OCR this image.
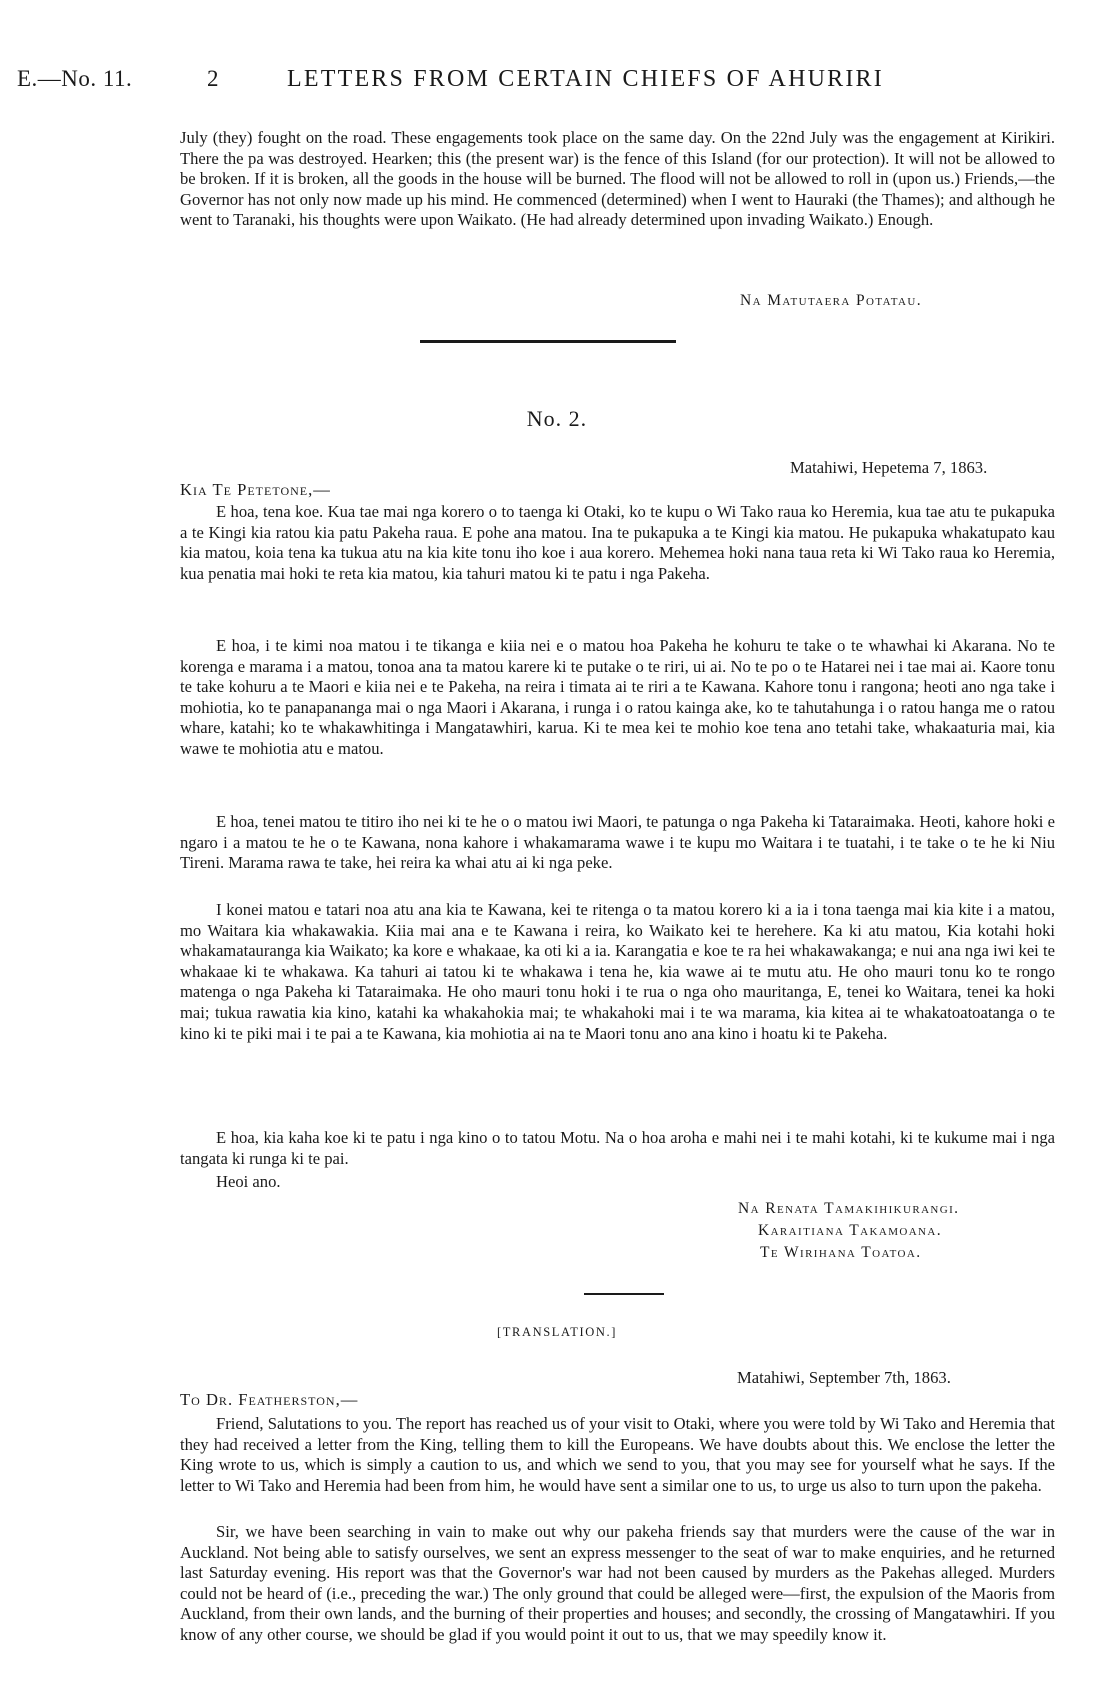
E.—No. 11.	2	LETTERS FROM CERTAIN CHIEFS OF AHURIRI

July (they) fought on the road. These engagements took place on the same day. On the 22nd July was the engagement at Kirikiri. There the pa was destroyed. Hearken; this (the present war) is the fence of this Island (for our protection). It will not be allowed to be broken. If it is broken, all the goods in the house will be burned. The flood will not be allowed to roll in (upon us.) Friends,—the Governor has not only now made up his mind. He commenced (determined) when I went to Hauraki (the Thames); and although he went to Taranaki, his thoughts were upon Waikato. (He had already determined upon invading Waikato.) Enough.

Na Matutaera Potatau.
No. 2.
Matahiwi, Hepetema 7, 1863.
Kia Te Petetone,—

E hoa, tena koe. Kua tae mai nga korero o to taenga ki Otaki, ko te kupu o Wi Tako raua ko Heremia, kua tae atu te pukapuka a te Kingi kia ratou kia patu Pakeha raua. E pohe ana matou. Ina te pukapuka a te Kingi kia matou. He pukapuka whakatupato kau kia matou, koia tena ka tukua atu na kia kite tonu iho koe i aua korero. Mehemea hoki nana taua reta ki Wi Tako raua ko Heremia, kua penatia mai hoki te reta kia matou, kia tahuri matou ki te patu i nga Pakeha.

E hoa, i te kimi noa matou i te tikanga e kiia nei e o matou hoa Pakeha he kohuru te take o te whawhai ki Akarana. No te korenga e marama i a matou, tonoa ana ta matou karere ki te putake o te riri, ui ai. No te po o te Hatarei nei i tae mai ai. Kaore tonu te take kohuru a te Maori e kiia nei e te Pakeha, na reira i timata ai te riri a te Kawana. Kahore tonu i rangona; heoti ano nga take i mohiotia, ko te panapananga mai o nga Maori i Akarana, i runga i o ratou kainga ake, ko te tahutahunga i o ratou hanga me o ratou whare, katahi; ko te whakawhitinga i Mangatawhiri, karua. Ki te mea kei te mohio koe tena ano tetahi take, whakaaturia mai, kia wawe te mohiotia atu e matou.

E hoa, tenei matou te titiro iho nei ki te he o o matou iwi Maori, te patunga o nga Pakeha ki Tataraimaka. Heoti, kahore hoki e ngaro i a matou te he o te Kawana, nona kahore i whakamarama wawe i te kupu mo Waitara i te tuatahi, i te take o te he ki Niu Tireni. Marama rawa te take, hei reira ka whai atu ai ki nga peke.

I konei matou e tatari noa atu ana kia te Kawana, kei te ritenga o ta matou korero ki a ia i tona taenga mai kia kite i a matou, mo Waitara kia whakawakia. Kiia mai ana e te Kawana i reira, ko Waikato kei te herehere. Ka ki atu matou, Kia kotahi hoki whakamataurangа kia Waikato; ka kore e whakaae, ka oti ki a ia. Karangatia e koe te ra hei whakawakanga; e nui ana nga iwi kei te whakaae ki te whakawa. Ka tahuri ai tatou ki te whakawa i tena he, kia wawe ai te mutu atu. He oho mauri tonu ko te rongo matenga o nga Pakeha ki Tataraimaka. He oho mauri tonu hoki i te rua o nga oho mauritanga, E, tenei ko Waitara, tenei ka hoki mai; tukua rawatia kia kino, katahi ka whakahokia mai; te whakahoki mai i te wa marama, kia kitea ai te whakatoatoatanga o te kino ki te piki mai i te pai a te Kawana, kia mohiotia ai na te Maori tonu ano ana kino i hoatu ki te Pakeha.

E hoa, kia kaha koe ki te patu i nga kino o to tatou Motu. Na o hoa aroha e mahi nei i te mahi kotahi, ki te kukume mai i nga tangata ki runga ki te pai.

Heoi ano.

Na Renata Tamakihikurangi.
Karaitiana Takamoana.
Te Wirihana Toatoa.
[TRANSLATION.]
Matahiwi, September 7th, 1863.
To Dr. Featherston,—

Friend, Salutations to you. The report has reached us of your visit to Otaki, where you were told by Wi Tako and Heremia that they had received a letter from the King, telling them to kill the Europeans. We have doubts about this. We enclose the letter the King wrote to us, which is simply a caution to us, and which we send to you, that you may see for yourself what he says. If the letter to Wi Tako and Heremia had been from him, he would have sent a similar one to us, to urge us also to turn upon the pakeha.

Sir, we have been searching in vain to make out why our pakeha friends say that murders were the cause of the war in Auckland. Not being able to satisfy ourselves, we sent an express messenger to the seat of war to make enquiries, and he returned last Saturday evening. His report was that the Governor's war had not been caused by murders as the Pakehas alleged. Murders could not be heard of (i.e., preceding the war.) The only ground that could be alleged were—first, the expulsion of the Maoris from Auckland, from their own lands, and the burning of their properties and houses; and secondly, the crossing of Mangatawhiri. If you know of any other course, we should be glad if you would point it out to us, that we may speedily know it.
